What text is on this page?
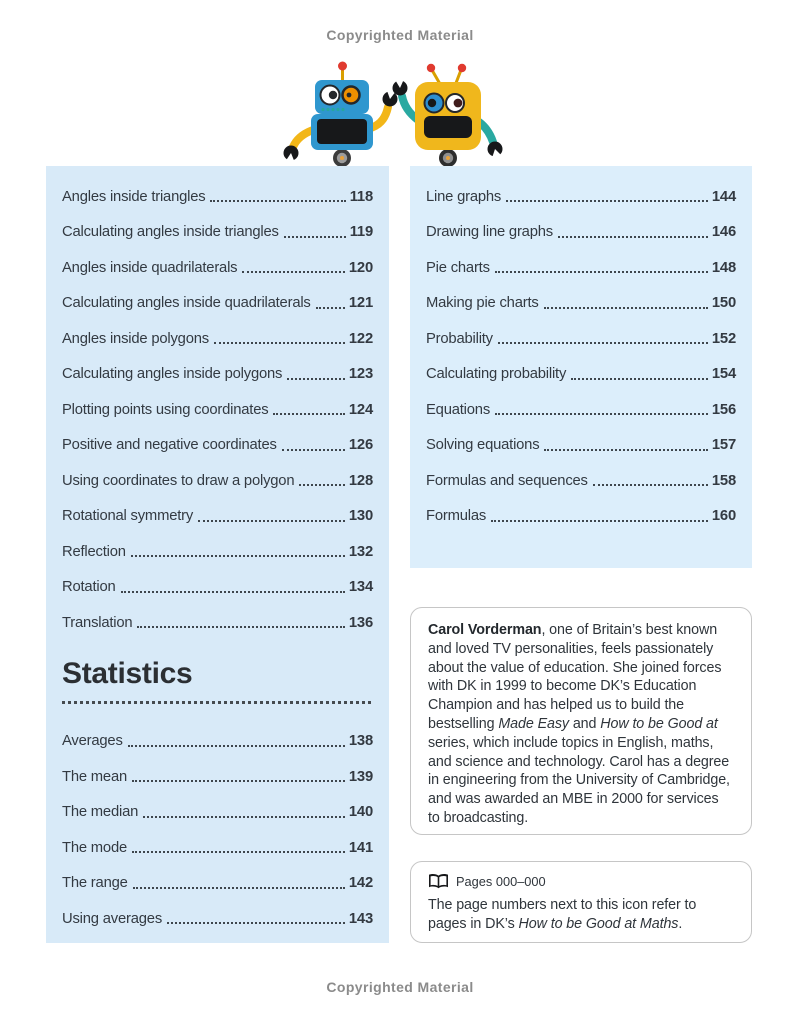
Copyrighted Material
Angles inside triangles	118
Calculating angles inside triangles	119
Angles inside quadrilaterals	120
Calculating angles inside quadrilaterals	121
Angles inside polygons	122
Calculating angles inside polygons	123
Plotting points using coordinates	124
Positive and negative coordinates	126
Using coordinates to draw a polygon	128
Rotational symmetry	130
Reflection	132
Rotation	134
Translation	136
Statistics
Averages	138
The mean	139
The median	140
The mode	141
The range	142
Using averages	143
Line graphs	144
Drawing line graphs	146
Pie charts	148
Making pie charts	150
Probability	152
Calculating probability	154
Equations	156
Solving equations	157
Formulas and sequences	158
Formulas	160
Carol Vorderman, one of Britain’s best known and loved TV personalities, feels passionately about the value of education. She joined forces with DK in 1999 to become DK’s Education Champion and has helped us to build the bestselling Made Easy and How to be Good at series, which include topics in English, maths, and science and technology. Carol has a degree in engineering from the University of Cambridge, and was awarded an MBE in 2000 for services to broadcasting.
Pages 000–000
The page numbers next to this icon refer to pages in DK’s How to be Good at Maths.
Copyrighted Material
